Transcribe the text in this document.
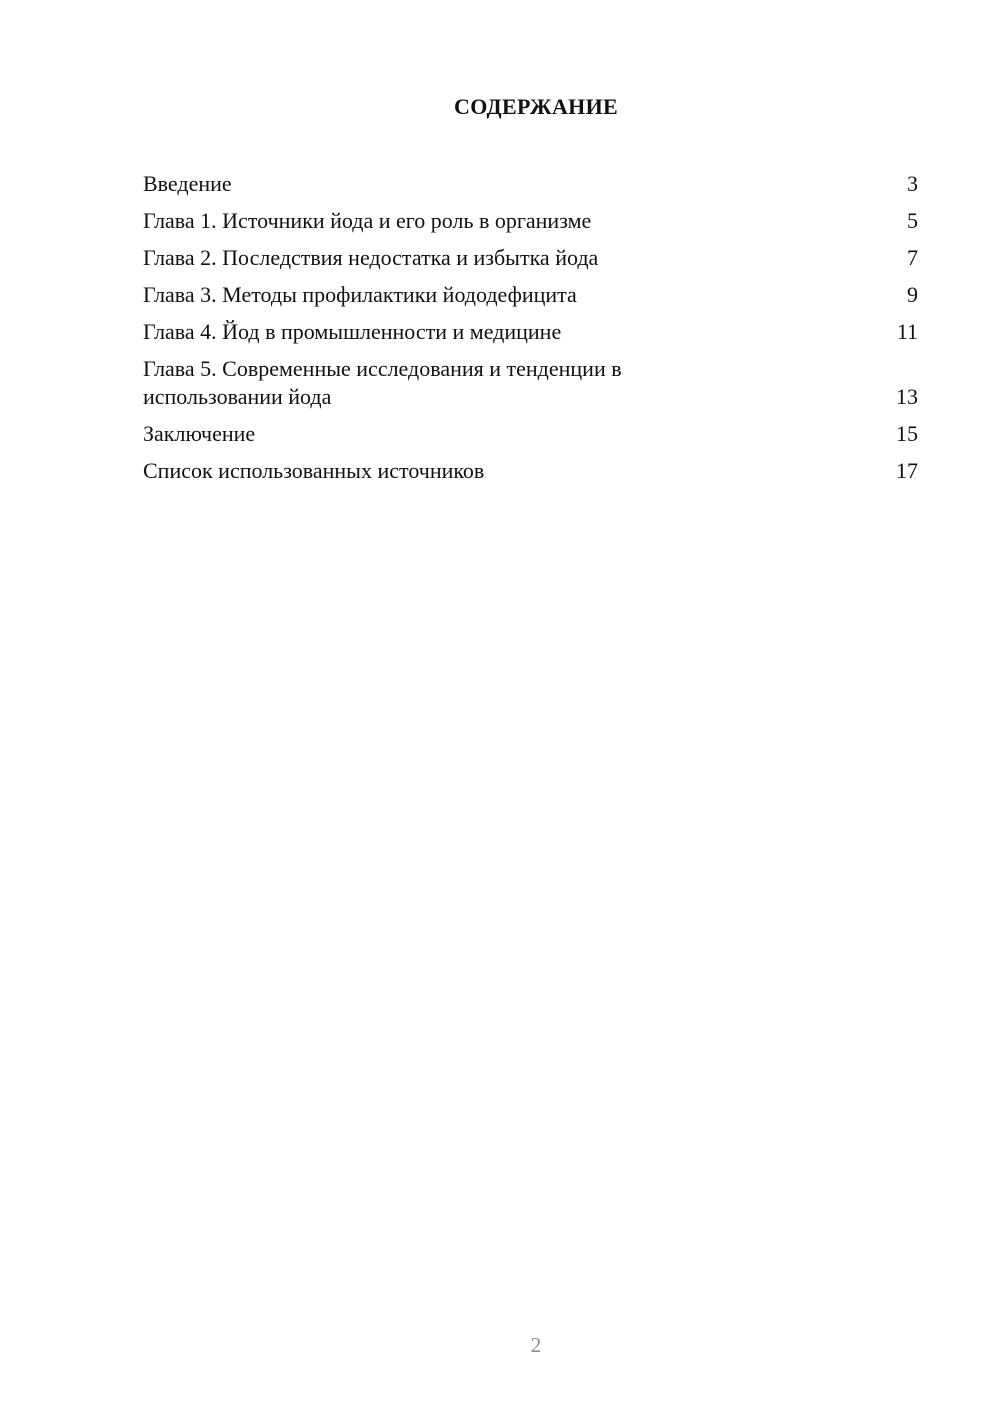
СОДЕРЖАНИЕ
Введение	3
Глава 1. Источники йода и его роль в организме	5
Глава 2. Последствия недостатка и избытка йода	7
Глава 3. Методы профилактики йододефицита	9
Глава 4. Йод в промышленности и медицине	11
Глава 5. Современные исследования и тенденции в использовании йода	13
Заключение	15
Список использованных источников	17
2
